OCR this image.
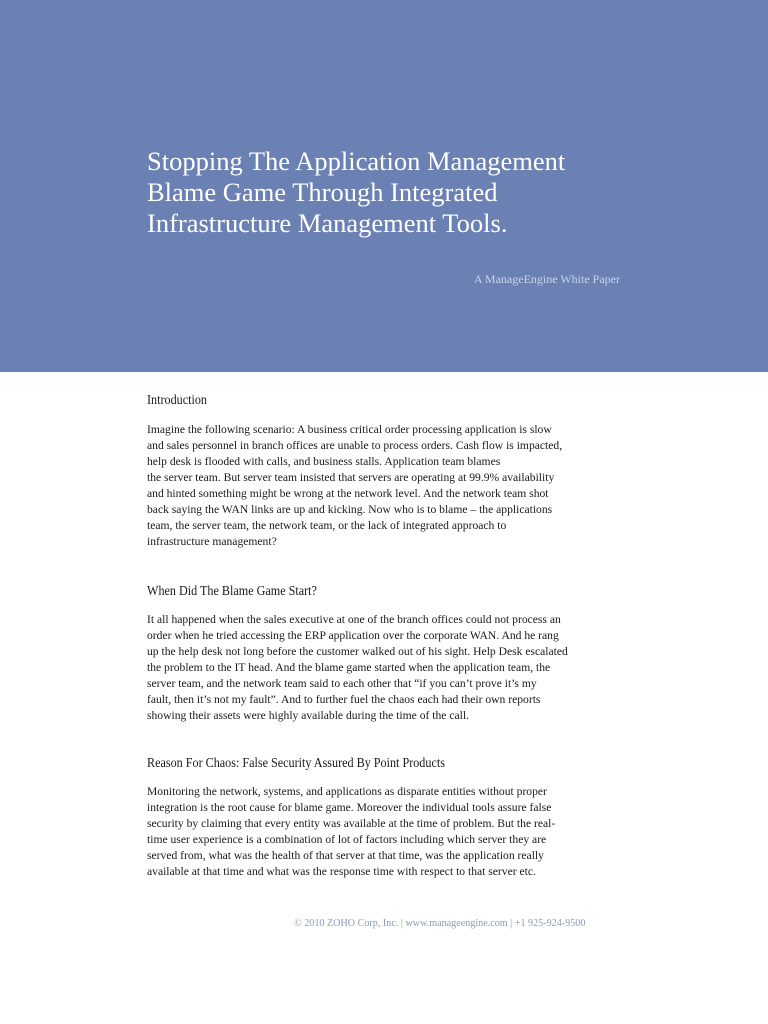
Stopping The Application Management
Blame Game Through Integrated
Infrastructure Management Tools.
A ManageEngine White Paper
Introduction
Imagine the following scenario: A business critical order processing application is slow
and sales personnel in branch offices are unable to process orders. Cash flow is impacted,
help desk is flooded with calls, and business stalls. Application team blames
the server team. But server team insisted that servers are operating at 99.9% availability
and hinted something might be wrong at the network level. And the network team shot
back saying the WAN links are up and kicking. Now who is to blame – the applications
team, the server team, the network team, or the lack of integrated approach to
infrastructure management?
When Did The Blame Game Start?
It all happened when the sales executive at one of the branch offices could not process an
order when he tried accessing the ERP application over the corporate WAN. And he rang
up the help desk not long before the customer walked out of his sight. Help Desk escalated
the problem to the IT head. And the blame game started when the application team, the
server team, and the network team said to each other that “if you can’t prove it’s my
fault, then it’s not my fault”. And to further fuel the chaos each had their own reports
showing their assets were highly available during the time of the call.
Reason For Chaos: False Security Assured By Point Products
Monitoring the network, systems, and applications as disparate entities without proper
integration is the root cause for blame game. Moreover the individual tools assure false
security by claiming that every entity was available at the time of problem. But the real-
time user experience is a combination of lot of factors including which server they are
served from, what was the health of that server at that time, was the application really
available at that time and what was the response time with respect to that server etc.
© 2010 ZOHO Corp, Inc. | www.manageengine.com | +1 925-924-9500
